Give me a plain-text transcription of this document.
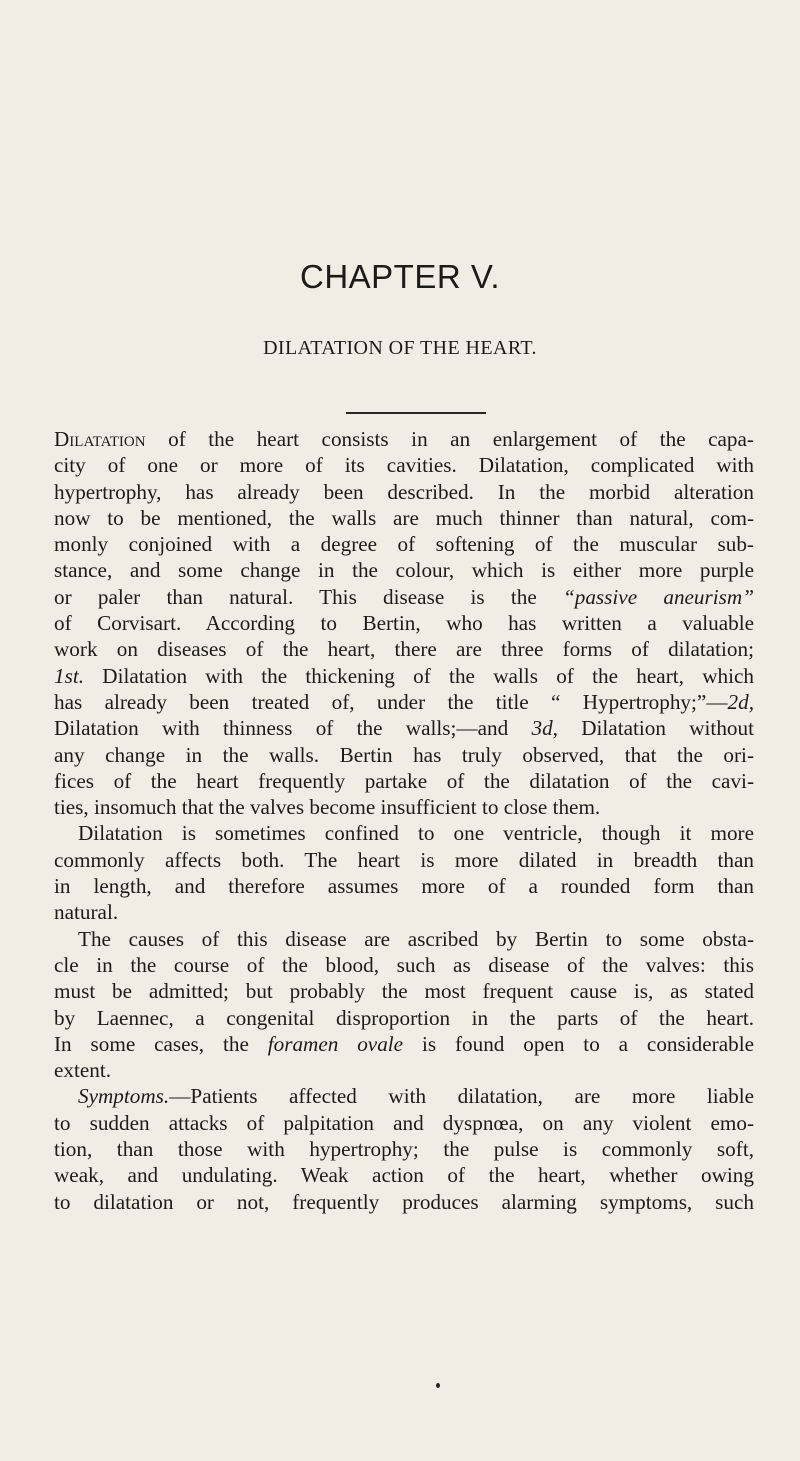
CHAPTER V.
DILATATION OF THE HEART.
Dilatation of the heart consists in an enlargement of the capa-
city of one or more of its cavities. Dilatation, complicated with
hypertrophy, has already been described. In the morbid alteration
now to be mentioned, the walls are much thinner than natural, com-
monly conjoined with a degree of softening of the muscular sub-
stance, and some change in the colour, which is either more purple
or paler than natural. This disease is the “passive aneurism”
of Corvisart. According to Bertin, who has written a valuable
work on diseases of the heart, there are three forms of dilatation;
1st. Dilatation with the thickening of the walls of the heart, which
has already been treated of, under the title “ Hypertrophy;”—2d,
Dilatation with thinness of the walls;—and 3d, Dilatation without
any change in the walls. Bertin has truly observed, that the ori-
fices of the heart frequently partake of the dilatation of the cavi-
ties, insomuch that the valves become insufficient to close them.
Dilatation is sometimes confined to one ventricle, though it more
commonly affects both. The heart is more dilated in breadth than
in length, and therefore assumes more of a rounded form than
natural.
The causes of this disease are ascribed by Bertin to some obsta-
cle in the course of the blood, such as disease of the valves: this
must be admitted; but probably the most frequent cause is, as stated
by Laennec, a congenital disproportion in the parts of the heart.
In some cases, the foramen ovale is found open to a considerable
extent.
Symptoms.—Patients affected with dilatation, are more liable
to sudden attacks of palpitation and dyspnœa, on any violent emo-
tion, than those with hypertrophy; the pulse is commonly soft,
weak, and undulating. Weak action of the heart, whether owing
to dilatation or not, frequently produces alarming symptoms, such
